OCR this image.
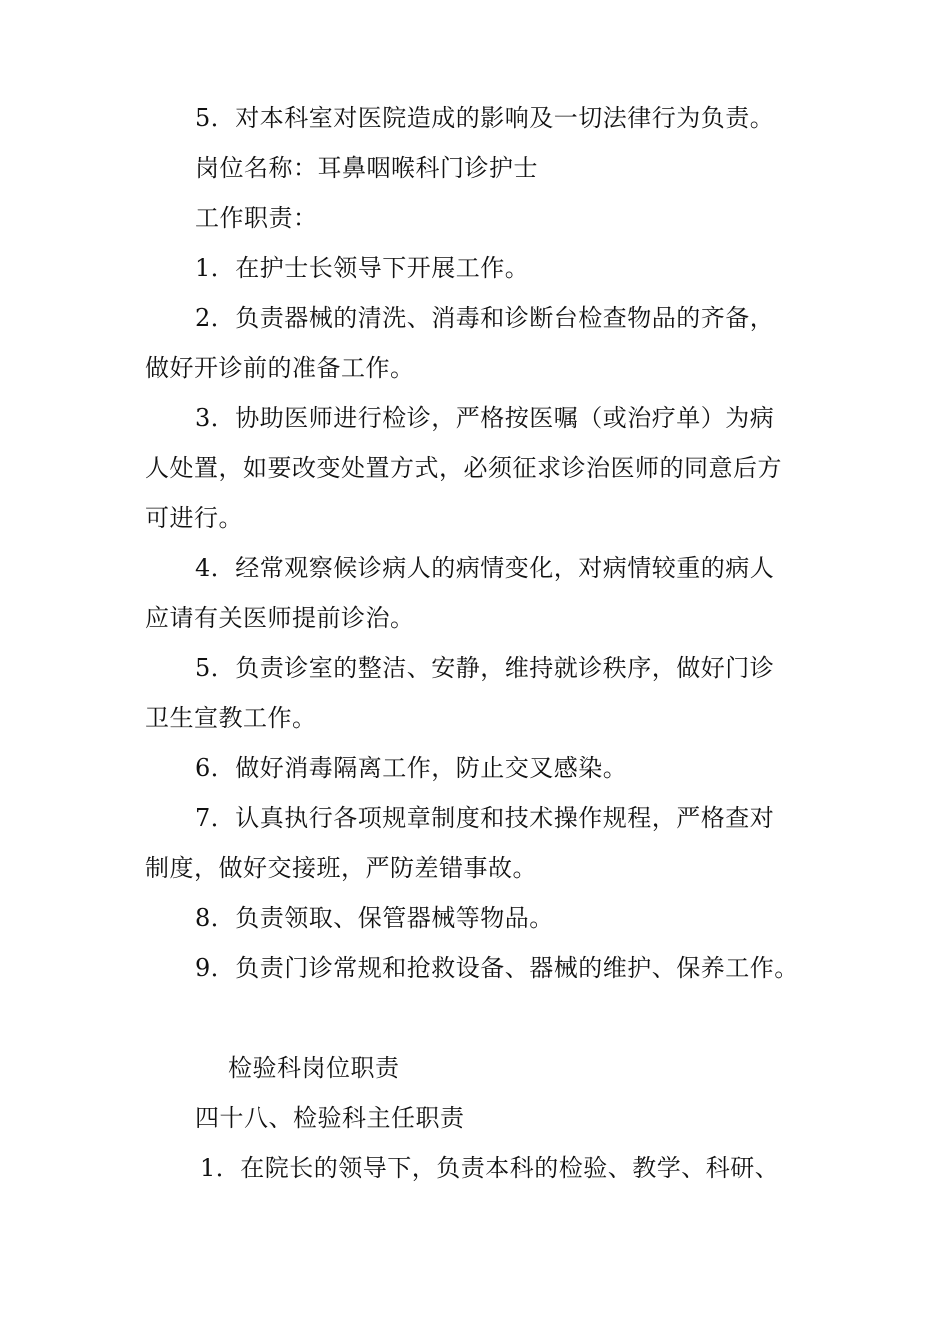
5．对本科室对医院造成的影响及一切法律行为负责。
岗位名称：耳鼻咽喉科门诊护士
工作职责：
1．在护士长领导下开展工作。
2．负责器械的清洗、消毒和诊断台检查物品的齐备，
做好开诊前的准备工作。
3．协助医师进行检诊，严格按医嘱（或治疗单）为病
人处置，如要改变处置方式，必须征求诊治医师的同意后方
可进行。
4．经常观察候诊病人的病情变化，对病情较重的病人
应请有关医师提前诊治。
5．负责诊室的整洁、安静，维持就诊秩序，做好门诊
卫生宣教工作。
6．做好消毒隔离工作，防止交叉感染。
7．认真执行各项规章制度和技术操作规程，严格查对
制度，做好交接班，严防差错事故。
8．负责领取、保管器械等物品。
9．负责门诊常规和抢救设备、器械的维护、保养工作。
检验科岗位职责
四十八、检验科主任职责
1．在院长的领导下，负责本科的检验、教学、科研、
